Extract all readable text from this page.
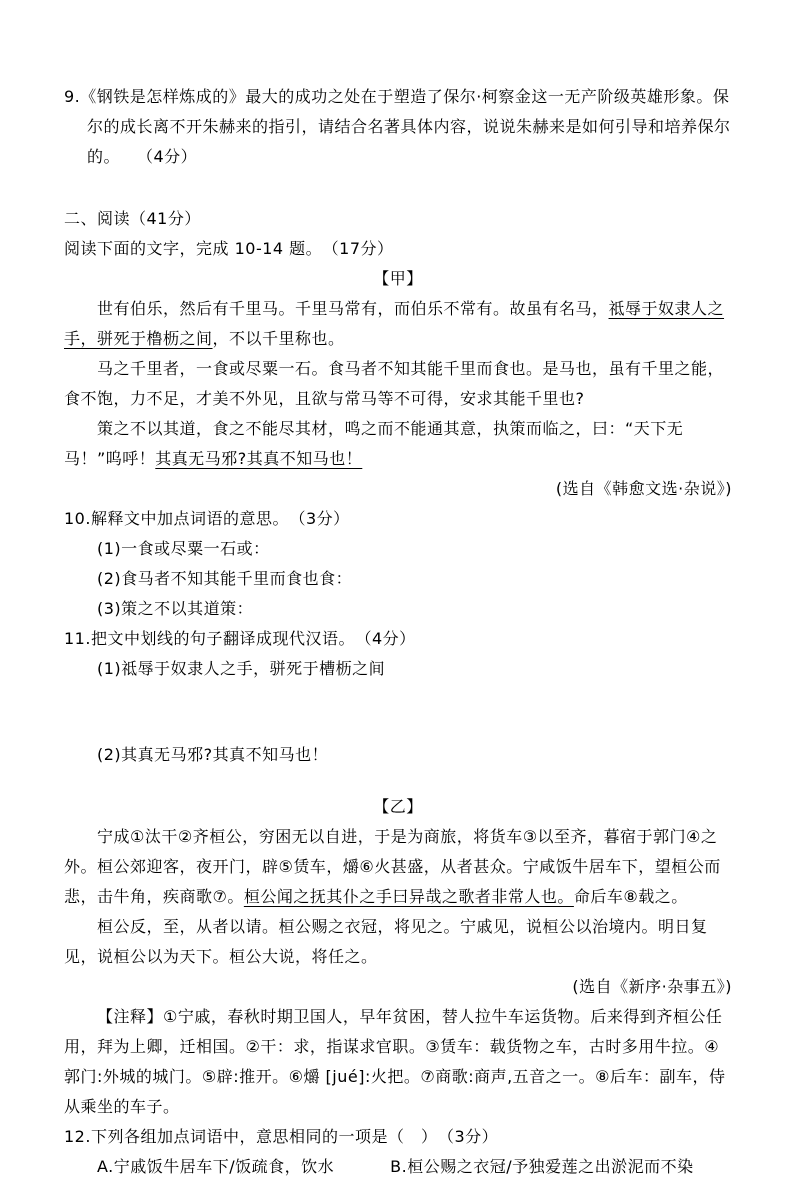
9.《钢铁是怎样炼成的》最大的成功之处在于塑造了保尔·柯察金这一无产阶级英雄形象。保尔的成长离不开朱赫来的指引，请结合名著具体内容，说说朱赫来是如何引导和培养保尔的。　　（4分）

二、阅读（41分）

阅读下面的文字，完成 10-14 题。　（17分）

【甲】

世有伯乐，然后有千里马。千里马常有，而伯乐不常有。故虽有名马，祗辱于奴隶人之手，骈死于橹枥之间，不以千里称也。

马之千里者，一食或尽粟一石。食马者不知其能千里而食也。是马也，虽有千里之能，食不饱，力不足，才美不外见，且欲与常马等不可得，安求其能千里也?

策之不以其道，食之不能尽其材，鸣之而不能通其意，执策而临之，曰：“天下无马！”呜呼！其真无马邪?其真不知马也！

(选自《韩愈文选·杂说》)

10.解释文中加点词语的意思。　（3分）

(1)一食或尽粟一石或：

(2)食马者不知其能千里而食也食：

(3)策之不以其道策：

11.把文中划线的句子翻译成现代汉语。　（4分）

(1)祗辱于奴隶人之手，骈死于槽枥之间

(2)其真无马邪?其真不知马也！

【乙】

宁成①汰干②齐桓公，穷困无以自进，于是为商旅，将货车③以至齐，暮宿于郭门④之外。桓公郊迎客，夜开门，辟⑤赁车，爝⑥火甚盛，从者甚众。宁咸饭牛居车下，望桓公而悲，击牛角，疾商歌⑦。桓公闻之抚其仆之手曰异哉之歌者非常人也。命后车⑧载之。

桓公反，至，从者以请。桓公赐之衣冠，将见之。宁戚见，说桓公以治境内。明日复见，说桓公以为天下。桓公大说，将任之。

(选自《新序·杂事五》)

【注释】①宁戚，春秋时期卫国人，早年贫困，替人拉牛车运货物。后来得到齐桓公任用，拜为上卿，迁相国。②干：求，指谋求官职。③赁车：载货物之车，古时多用牛拉。④郭门:外城的城门。⑤辟:推开。⑥爝 [jué]:火把。⑦商歌:商声,五音之一。⑧后车：副车，侍从乘坐的车子。

12.下列各组加点词语中，意思相同的一项是（　）　（3分）

A.宁戚饭牛居车下/饭疏食，饮水	B.桓公赐之衣冠/予独爱莲之出淤泥而不染
